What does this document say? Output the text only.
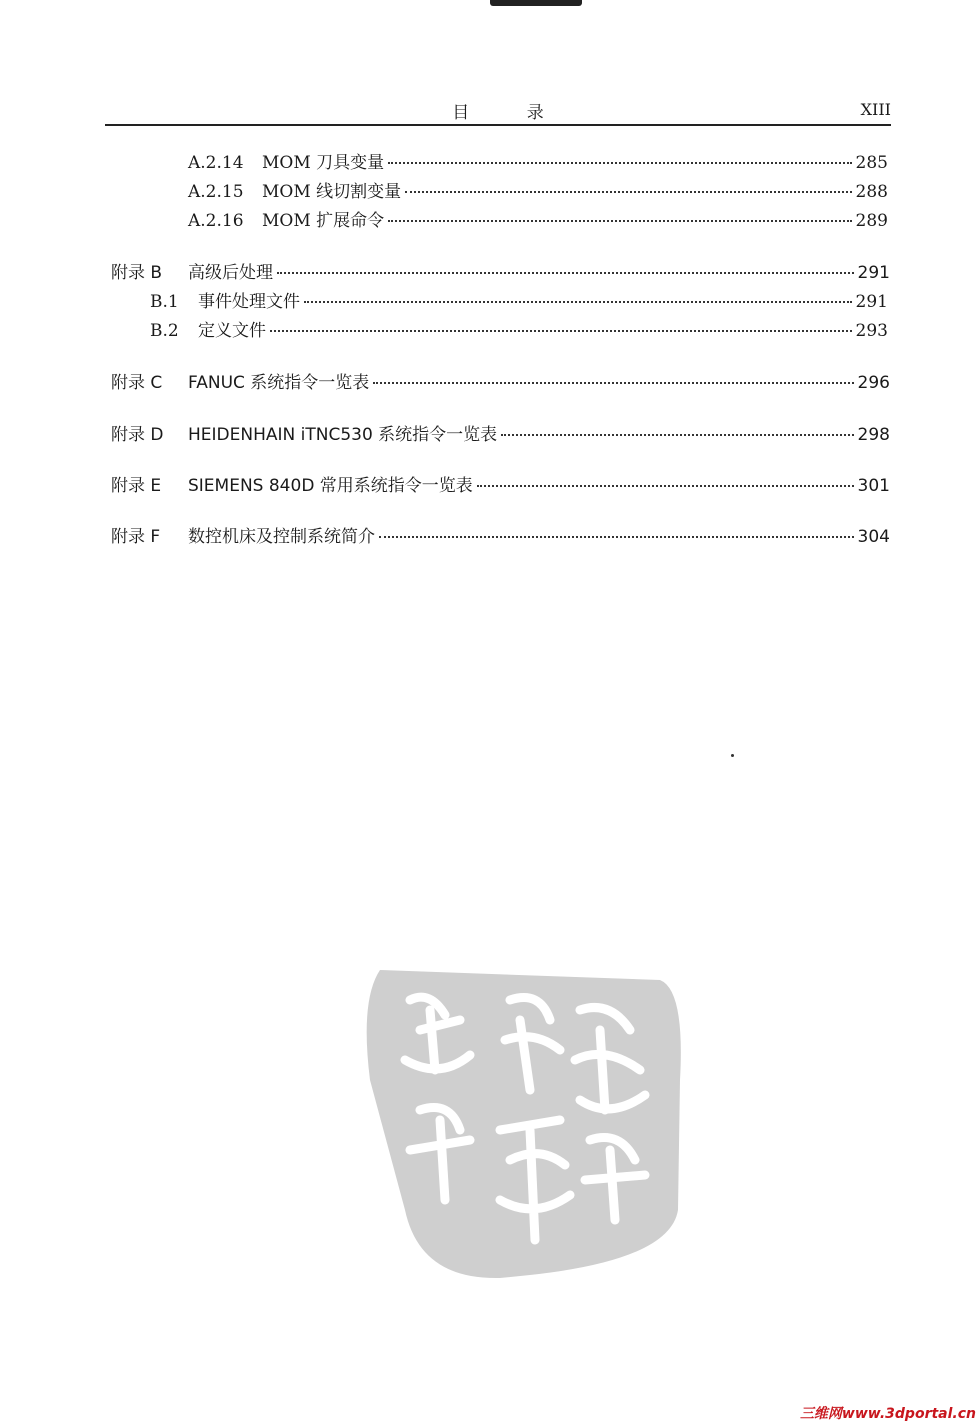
目 录	XIII
A.2.14	MOM 刀具变量	285
A.2.15	MOM 线切割变量	288
A.2.16	MOM 扩展命令	289
附录 B	高级后处理	291
B.1	事件处理文件	291
B.2	定义文件	293
附录 C	FANUC 系统指令一览表	296
附录 D	HEIDENHAIN iTNC530 系统指令一览表	298
附录 E	SIEMENS 840D 常用系统指令一览表	301
附录 F	数控机床及控制系统简介	304
三维网www.3dportal.cn
